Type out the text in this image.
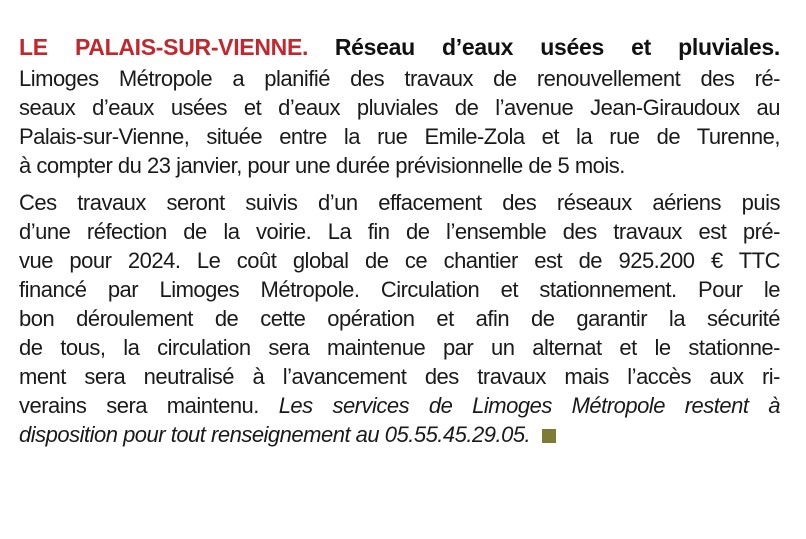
LE PALAIS-SUR-VIENNE. Réseau d’eaux usées et pluviales.
Limoges Métropole a planifié des travaux de renouvellement des ré-
seaux d’eaux usées et d’eaux pluviales de l’avenue Jean-Giraudoux au
Palais-sur-Vienne, située entre la rue Emile-Zola et la rue de Turenne,
à compter du 23 janvier, pour une durée prévisionnelle de 5 mois.
Ces travaux seront suivis d’un effacement des réseaux aériens puis
d’une réfection de la voirie. La fin de l’ensemble des travaux est pré-
vue pour 2024. Le coût global de ce chantier est de 925.200 € TTC
financé par Limoges Métropole. Circulation et stationnement. Pour le
bon déroulement de cette opération et afin de garantir la sécurité
de tous, la circulation sera maintenue par un alternat et le stationne-
ment sera neutralisé à l’avancement des travaux mais l’accès aux ri-
verains sera maintenu. Les services de Limoges Métropole restent à
disposition pour tout renseignement au 05.55.45.29.05.
